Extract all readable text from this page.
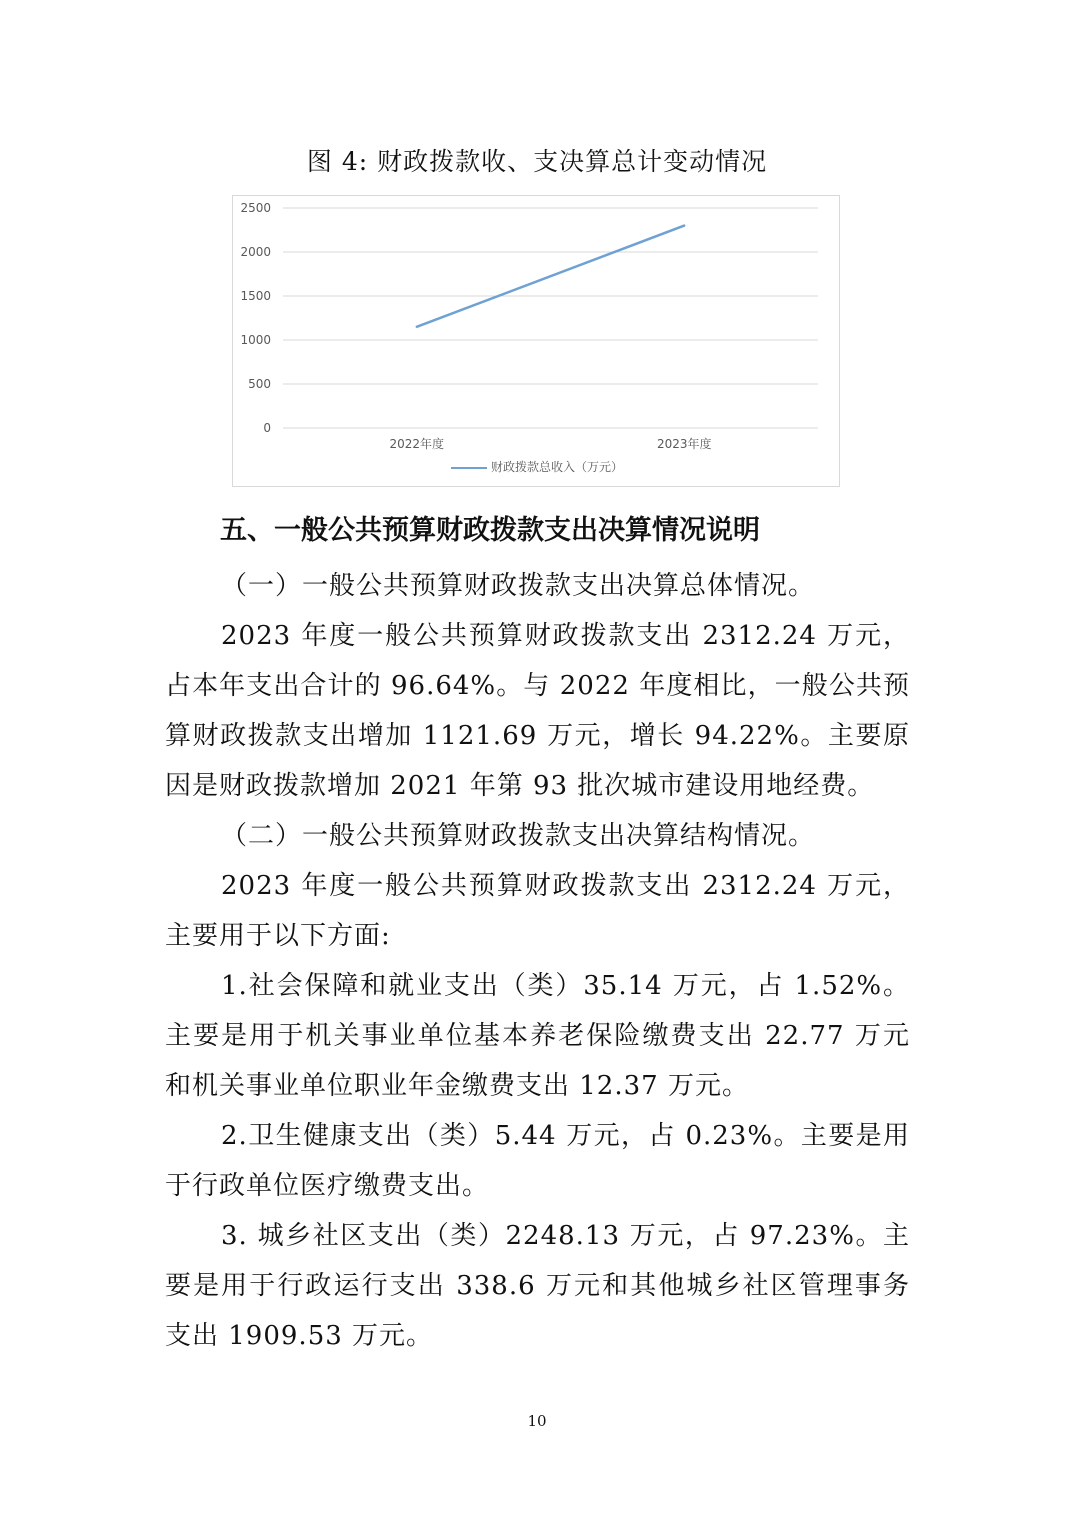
图 4: 财政拨款收、支决算总计变动情况
0
500
1000
1500
2000
2500
2022年度	2023年度
财政拨款总收入（万元）
五、一般公共预算财政拨款支出决算情况说明

（一）一般公共预算财政拨款支出决算总体情况。

2023 年度一般公共预算财政拨款支出 2312.24 万元，占本年支出合计的 96.64%。与 2022 年度相比，一般公共预算财政拨款支出增加 1121.69 万元，增长 94.22%。主要原因是财政拨款增加 2021 年第 93 批次城市建设用地经费。

（二）一般公共预算财政拨款支出决算结构情况。

2023 年度一般公共预算财政拨款支出 2312.24 万元，主要用于以下方面:

1.社会保障和就业支出（类）35.14 万元，占 1.52%。主要是用于机关事业单位基本养老保险缴费支出 22.77 万元和机关事业单位职业年金缴费支出 12.37 万元。

2.卫生健康支出（类）5.44 万元，占 0.23%。主要是用于行政单位医疗缴费支出。

3. 城乡社区支出（类）2248.13 万元，占 97.23%。主要是用于行政运行支出 338.6 万元和其他城乡社区管理事务支出 1909.53 万元。

10
